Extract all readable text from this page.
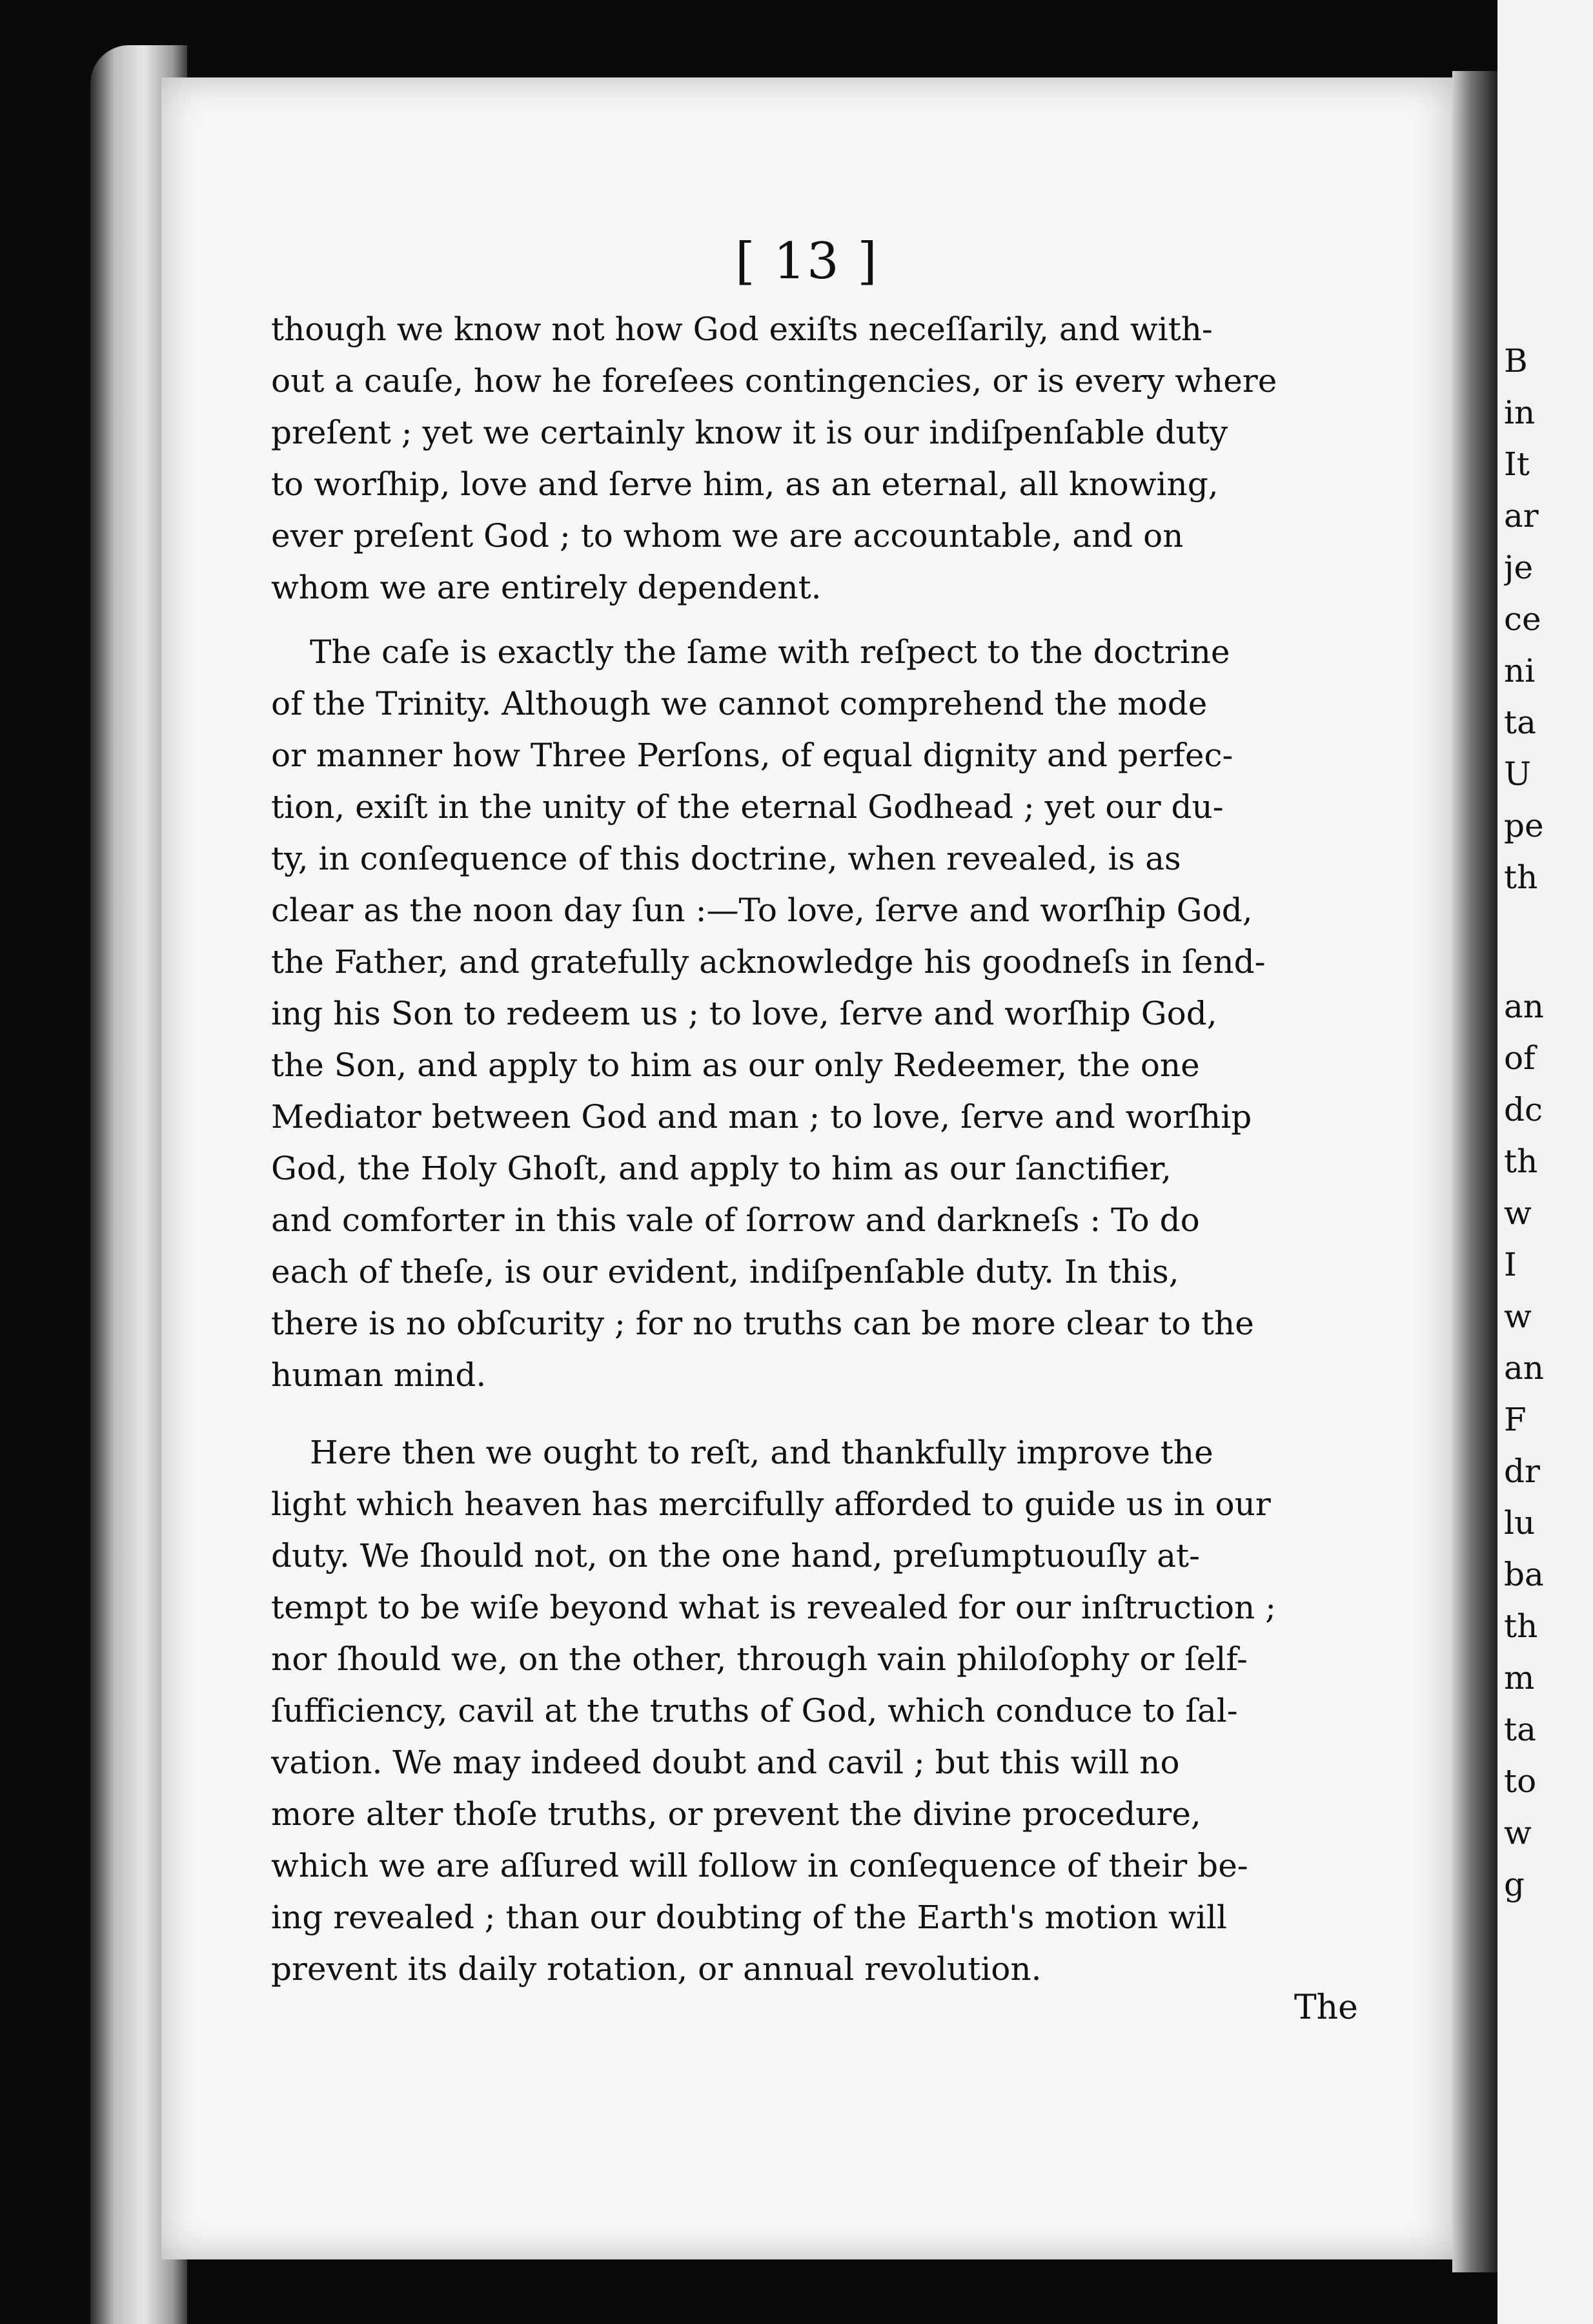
[ 13 ]
though we know not how God exiſts neceſſarily, and with-
out a cauſe, how he foreſees contingencies, or is every where
preſent ; yet we certainly know it is our indiſpenſable duty
to worſhip, love and ſerve him, as an eternal, all knowing,
ever preſent God ; to whom we are accountable, and on
whom we are entirely dependent.
The caſe is exactly the ſame with reſpect to the doctrine
of the Trinity. Although we cannot comprehend the mode
or manner how Three Perſons, of equal dignity and perfec-
tion, exiſt in the unity of the eternal Godhead ; yet our du-
ty, in conſequence of this doctrine, when revealed, is as
clear as the noon day ſun :—To love, ſerve and worſhip God,
the Father, and gratefully acknowledge his goodneſs in ſend-
ing his Son to redeem us ; to love, ſerve and worſhip God,
the Son, and apply to him as our only Redeemer, the one
Mediator between God and man ; to love, ſerve and worſhip
God, the Holy Ghoſt, and apply to him as our ſanctifier,
and comforter in this vale of ſorrow and darkneſs : To do
each of theſe, is our evident, indiſpenſable duty. In this,
there is no obſcurity ; for no truths can be more clear to the
human mind.
Here then we ought to reſt, and thankfully improve the
light which heaven has mercifully afforded to guide us in our
duty. We ſhould not, on the one hand, preſumptuouſly at-
tempt to be wiſe beyond what is revealed for our inſtruction ;
nor ſhould we, on the other, through vain philoſophy or ſelf-
ſufficiency, cavil at the truths of God, which conduce to ſal-
vation. We may indeed doubt and cavil ; but this will no
more alter thoſe truths, or prevent the divine procedure,
which we are aſſured will follow in conſequence of their be-
ing revealed ; than our doubting of the Earth's motion will
prevent its daily rotation, or annual revolution.
The
B
in
It
ar
je
ce
ni
ta
U
pe
th
an
of
dc
th
w
I
w
an
F
dr
lu
ba
th
m
ta
to
w
g
